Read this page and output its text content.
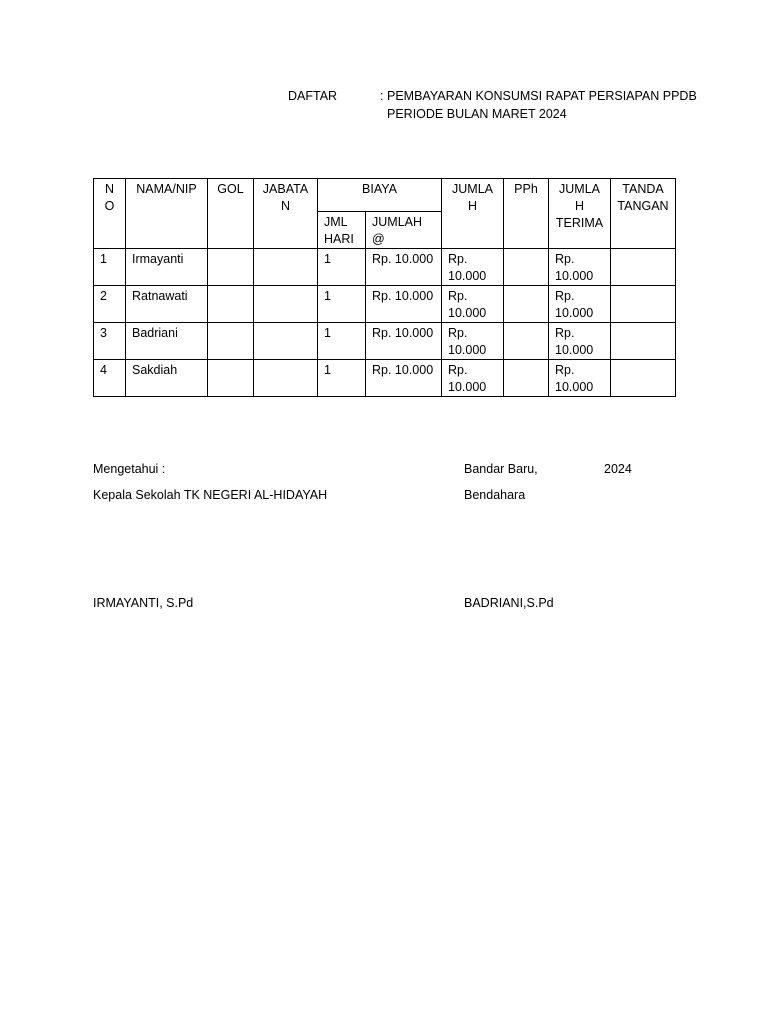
DAFTAR	: PEMBAYARAN KONSUMSI RAPAT PERSIAPAN PPDB
PERIODE BULAN MARET 2024
N O	NAMA/NIP	GOL	JABATAN	BIAYA		JUMLAH	PPh	JUMLAH TERIMA	TANDA TANGAN
				JML HARI	JUMLAH @				
1	Irmayanti			1	Rp. 10.000	Rp. 10.000		Rp. 10.000	
2	Ratnawati			1	Rp. 10.000	Rp. 10.000		Rp. 10.000	
3	Badriani			1	Rp. 10.000	Rp. 10.000		Rp. 10.000	
4	Sakdiah			1	Rp. 10.000	Rp. 10.000		Rp. 10.000	
Mengetahui :
Kepala Sekolah TK NEGERI AL-HIDAYAH
IRMAYANTI, S.Pd
Bandar Baru,	2024
Bendahara
BADRIANI,S.Pd
